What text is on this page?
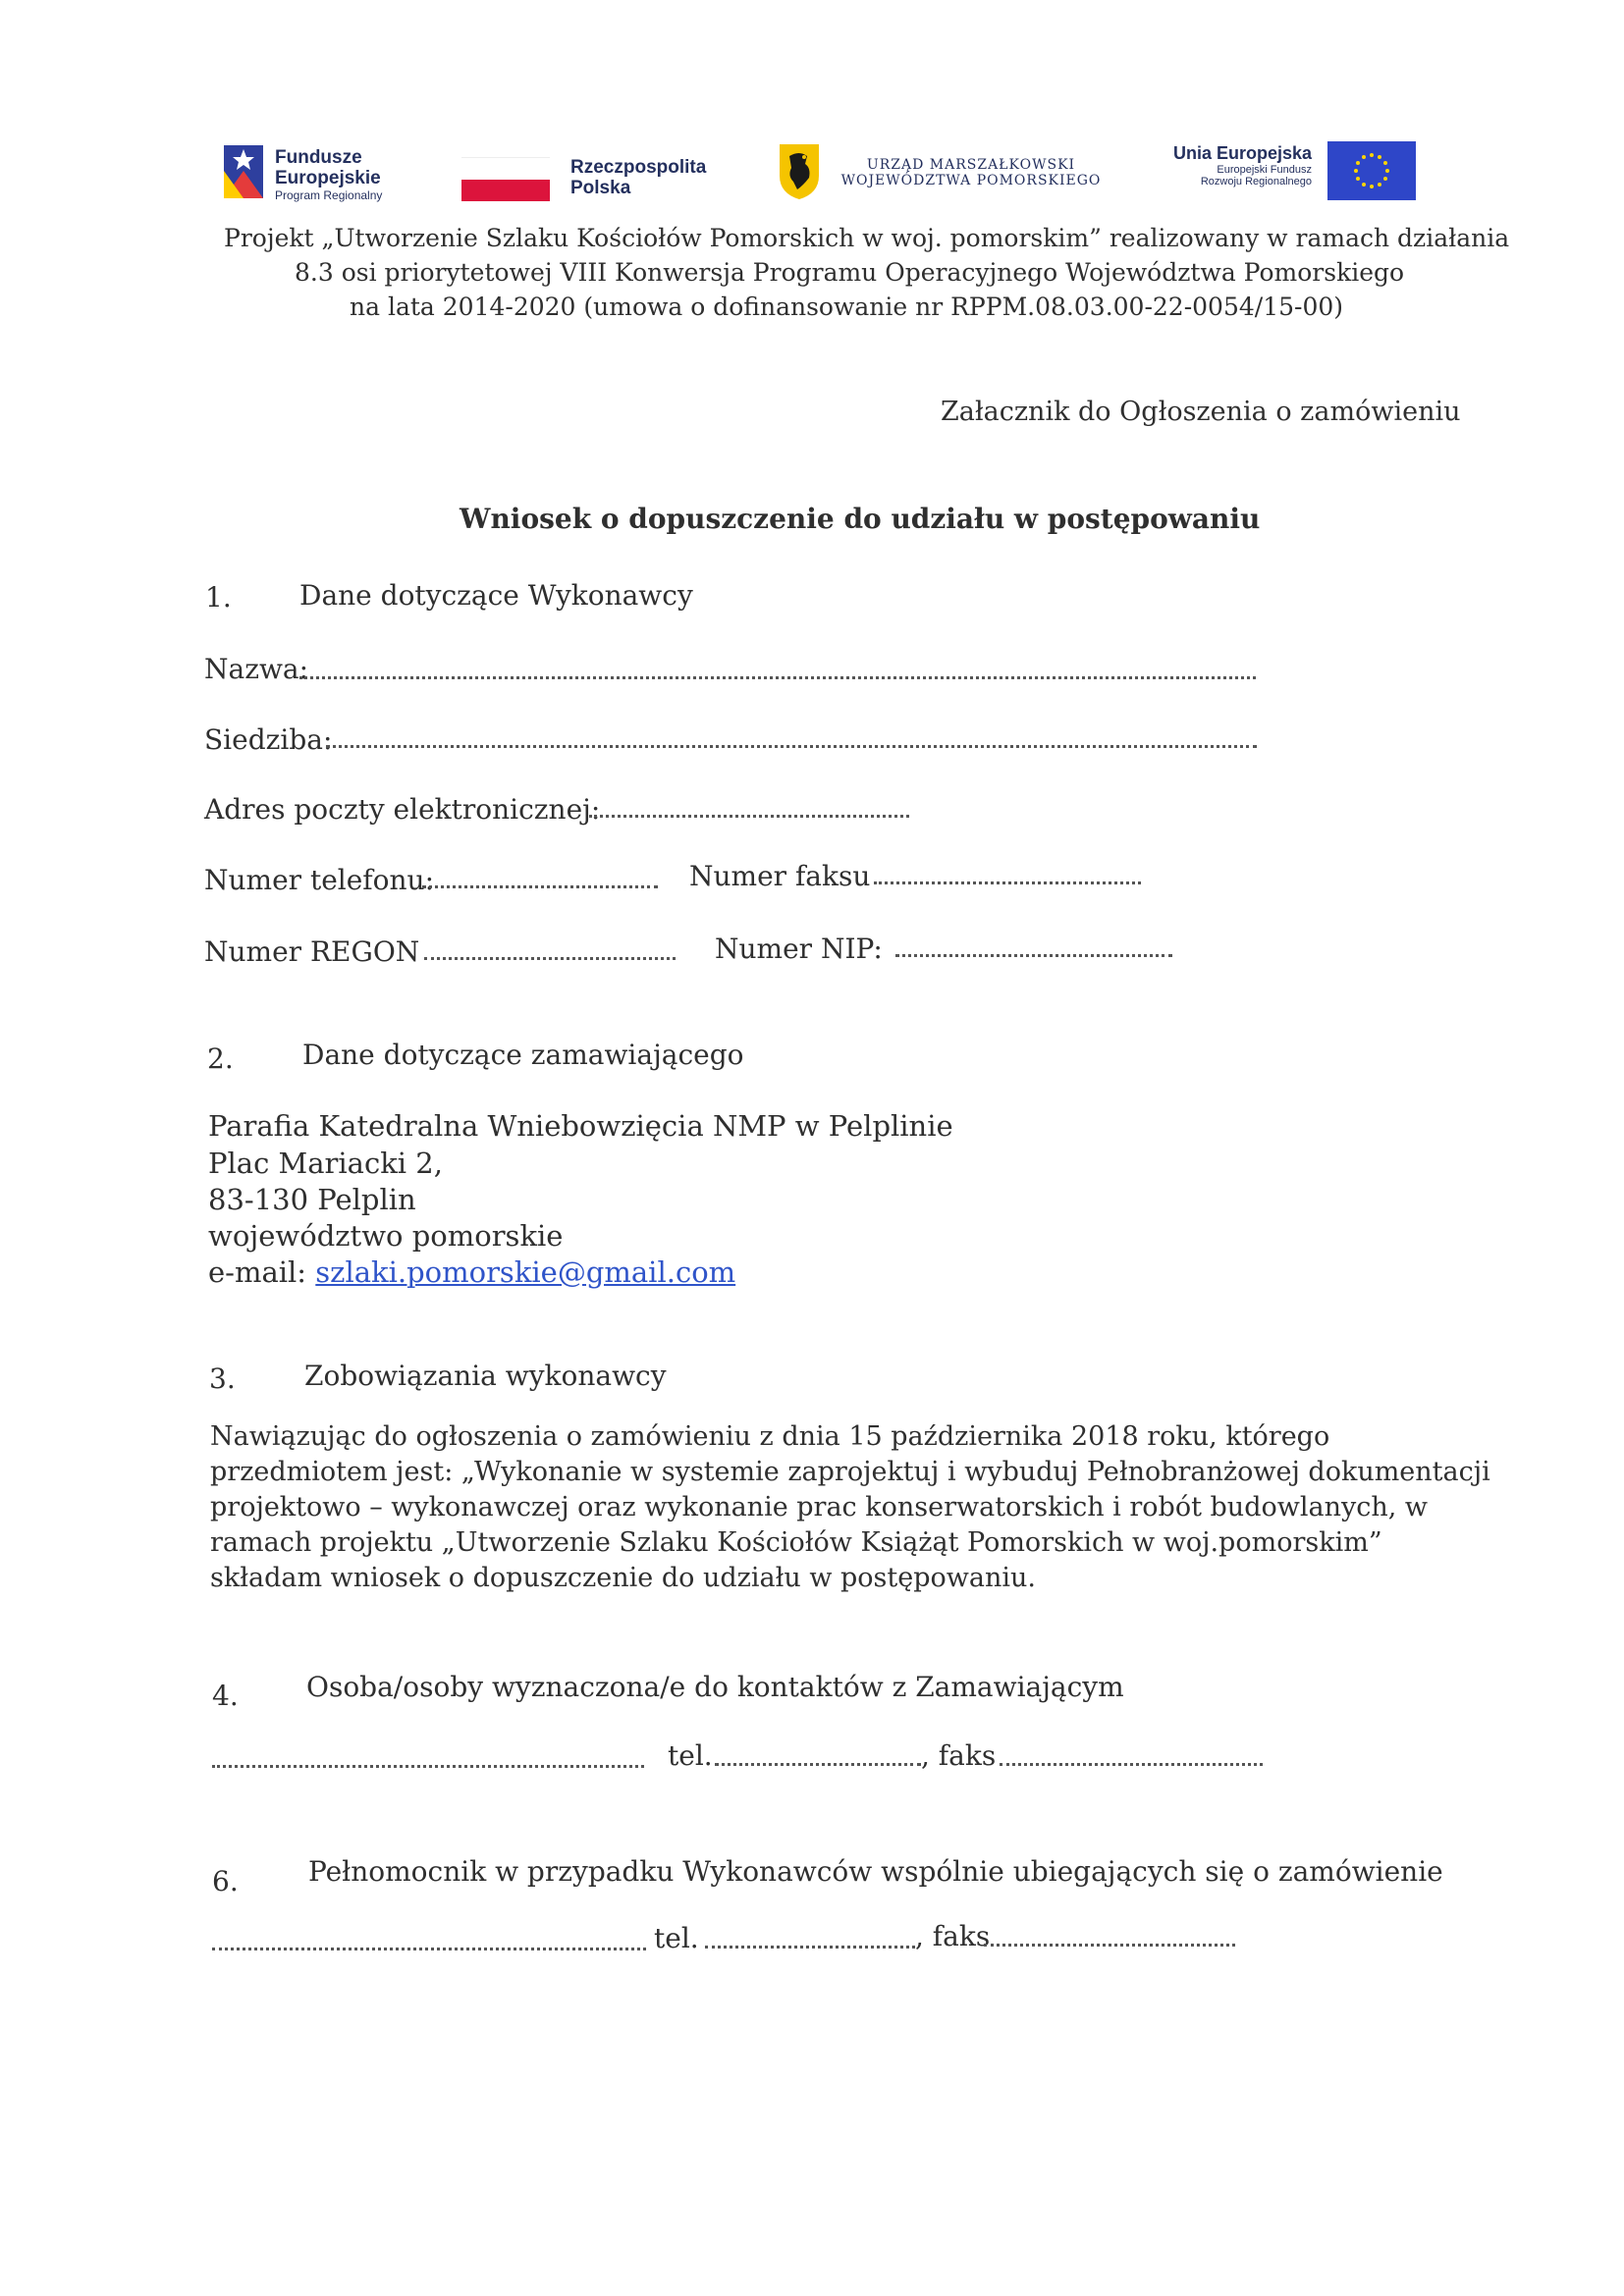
Fundusze
Europejskie
Program Regionalny
Rzeczpospolita
Polska
URZĄD MARSZAŁKOWSKI
WOJEWÓDZTWA POMORSKIEGO
Unia Europejska
Europejski Fundusz
Rozwoju Regionalnego
Projekt „Utworzenie Szlaku Kościołów Pomorskich w woj. pomorskim” realizowany w ramach działania
8.3 osi priorytetowej VIII Konwersja Programu Operacyjnego Województwa Pomorskiego
na lata 2014-2020 (umowa o dofinansowanie nr RPPM.08.03.00-22-0054/15-00)
Załacznik do Ogłoszenia o zamówieniu
Wniosek o dopuszczenie do udziału w postępowaniu
1. Dane dotyczące Wykonawcy
Nazwa:
Siedziba:
Adres poczty elektronicznej:
Numer telefonu:	Numer faksu
Numer REGON	Numer NIP:
2.	Dane dotyczące zamawiającego
Parafia Katedralna Wniebowzięcia NMP w Pelplinie
Plac Mariacki 2,
83-130 Pelplin
województwo pomorskie
e-mail: szlaki.pomorskie@gmail.com
3.	Zobowiązania wykonawcy
Nawiązując do ogłoszenia o zamówieniu z dnia 15 października 2018 roku, którego
przedmiotem jest: „Wykonanie w systemie zaprojektuj i wybuduj Pełnobranżowej dokumentacji
projektowo – wykonawczej oraz wykonanie prac konserwatorskich i robót budowlanych, w
ramach projektu „Utworzenie Szlaku Kościołów Książąt Pomorskich w woj.pomorskim”
składam wniosek o dopuszczenie do udziału w postępowaniu.
4. Osoba/osoby wyznaczona/e do kontaktów z Zamawiającym
tel.	, faks
6.	Pełnomocnik w przypadku Wykonawców wspólnie ubiegających się o zamówienie
tel.	, faks
